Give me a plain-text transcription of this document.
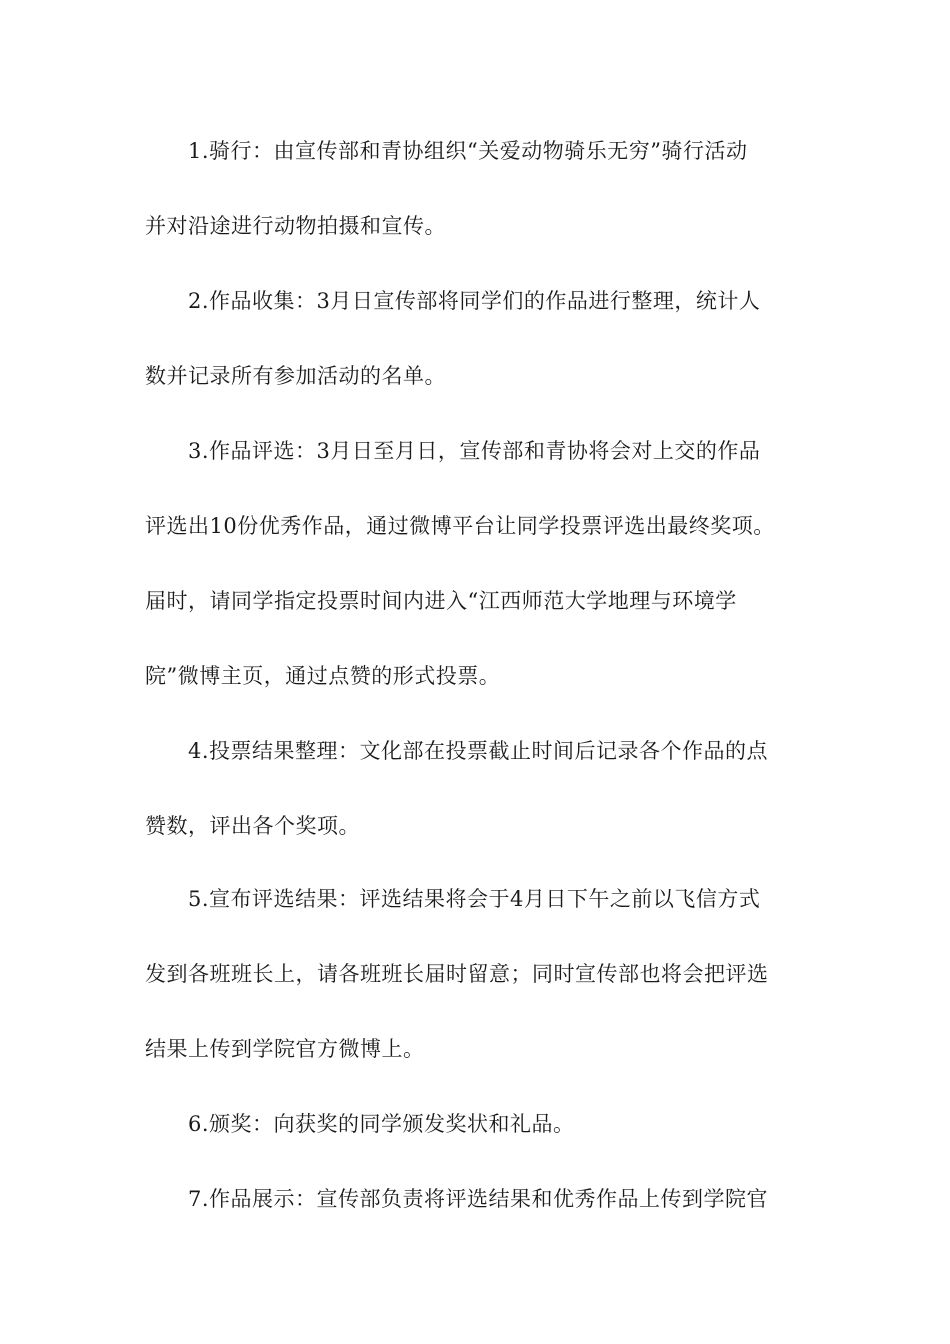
1.骑行：由宣传部和青协组织“关爱动物骑乐无穷”骑行活动
并对沿途进行动物拍摄和宣传。
2.作品收集：3月日宣传部将同学们的作品进行整理，统计人
数并记录所有参加活动的名单。
3.作品评选：3月日至月日，宣传部和青协将会对上交的作品
评选出10份优秀作品，通过微博平台让同学投票评选出最终奖项。
届时，请同学指定投票时间内进入“江西师范大学地理与环境学
院”微博主页，通过点赞的形式投票。
4.投票结果整理：文化部在投票截止时间后记录各个作品的点
赞数，评出各个奖项。
5.宣布评选结果：评选结果将会于4月日下午之前以飞信方式
发到各班班长上，请各班班长届时留意；同时宣传部也将会把评选
结果上传到学院官方微博上。
6.颁奖：向获奖的同学颁发奖状和礼品。
7.作品展示：宣传部负责将评选结果和优秀作品上传到学院官
